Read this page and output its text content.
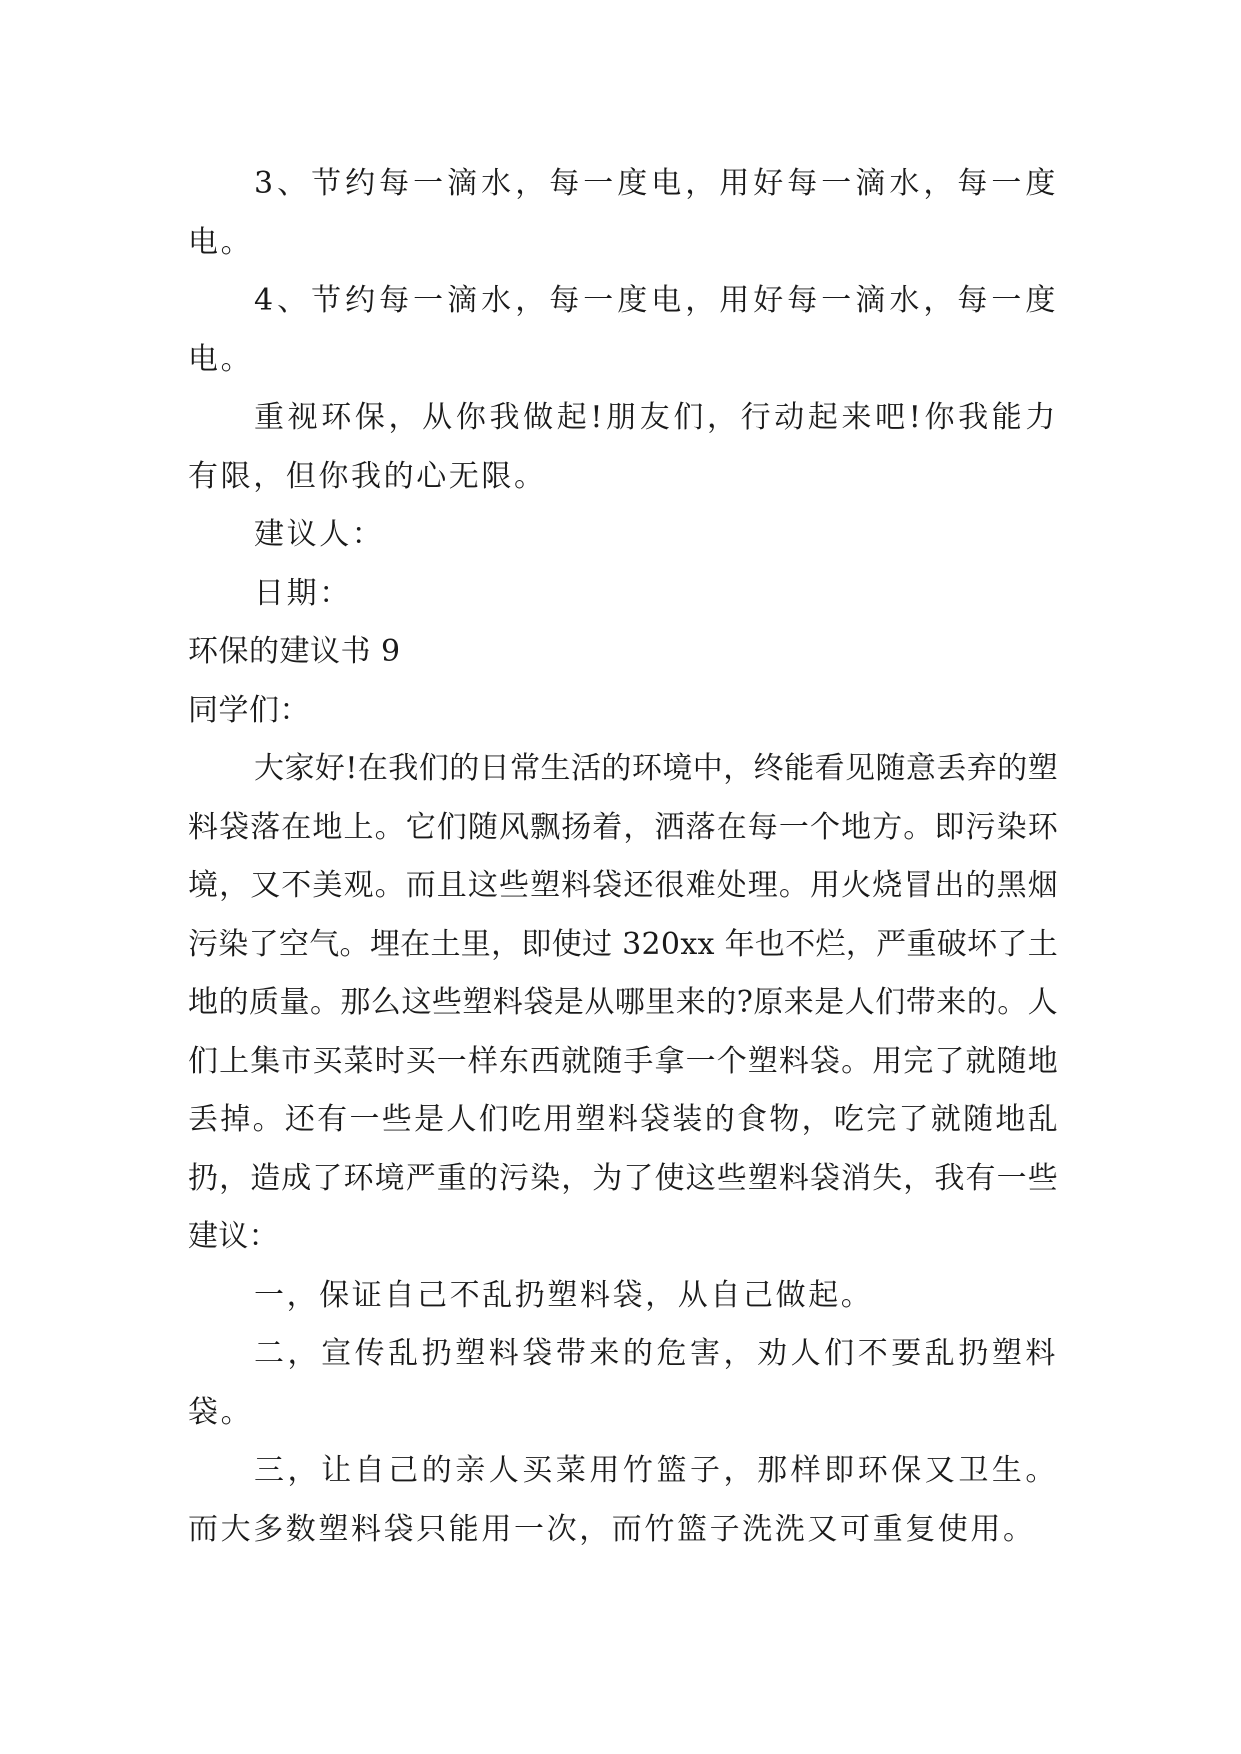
3、节约每一滴水，每一度电，用好每一滴水，每一度电。

4、节约每一滴水，每一度电，用好每一滴水，每一度电。

重视环保，从你我做起!朋友们，行动起来吧!你我能力有限，但你我的心无限。

建议人：

日期：

环保的建议书 9

同学们：

大家好!在我们的日常生活的环境中，终能看见随意丢弃的塑料袋落在地上。它们随风飘扬着，洒落在每一个地方。即污染环境，又不美观。而且这些塑料袋还很难处理。用火烧冒出的黑烟污染了空气。埋在土里，即使过 320xx 年也不烂，严重破坏了土地的质量。那么这些塑料袋是从哪里来的?原来是人们带来的。人们上集市买菜时买一样东西就随手拿一个塑料袋。用完了就随地丢掉。还有一些是人们吃用塑料袋装的食物，吃完了就随地乱扔，造成了环境严重的污染，为了使这些塑料袋消失，我有一些建议：

一，保证自己不乱扔塑料袋，从自己做起。

二，宣传乱扔塑料袋带来的危害，劝人们不要乱扔塑料袋。

三，让自己的亲人买菜用竹篮子，那样即环保又卫生。而大多数塑料袋只能用一次，而竹篮子洗洗又可重复使用。
